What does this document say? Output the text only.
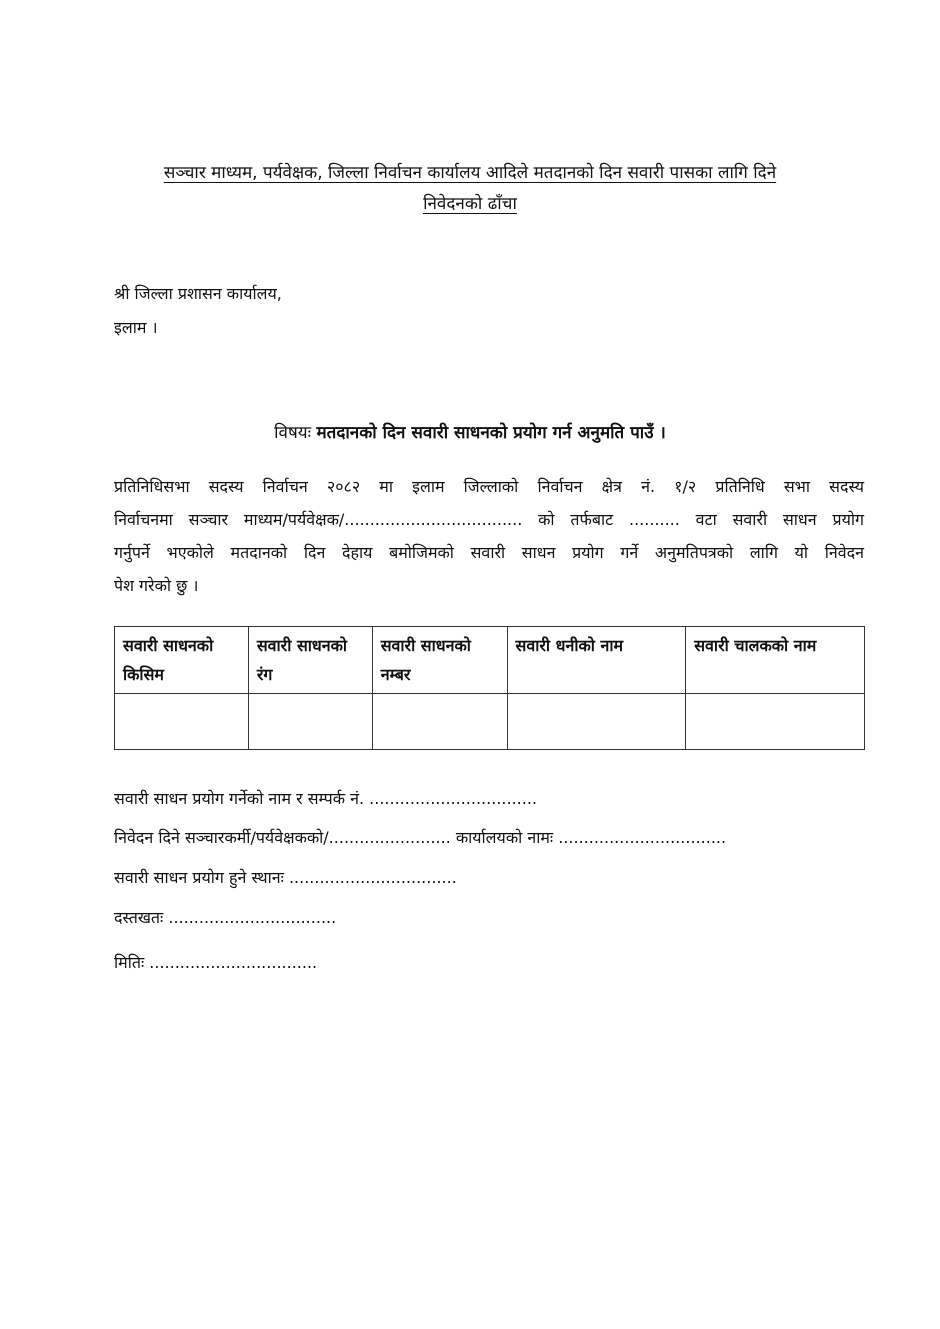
सञ्चार माध्यम, पर्यवेक्षक, जिल्ला निर्वाचन कार्यालय आदिले मतदानको दिन सवारी पासका लागि दिने
निवेदनको ढाँचा
श्री जिल्ला प्रशासन कार्यालय,
इलाम ।
विषयः मतदानको दिन सवारी साधनको प्रयोग गर्न अनुमति पाउँ ।
प्रतिनिधिसभा सदस्य निर्वाचन २०८२ मा इलाम जिल्लाको निर्वाचन क्षेत्र नं. १/२ प्रतिनिधि सभा सदस्य
निर्वाचनमा सञ्चार माध्यम/पर्यवेक्षक/................................... को तर्फबाट .......... वटा सवारी साधन प्रयोग
गर्नुपर्ने भएकोले मतदानको दिन देहाय बमोजिमको सवारी साधन प्रयोग गर्ने अनुमतिपत्रको लागि यो निवेदन
पेश गरेको छु ।
सवारी साधनको किसिम	सवारी साधनको रंग	सवारी साधनको नम्बर	सवारी धनीको नाम	सवारी चालकको नाम

सवारी साधन प्रयोग गर्नेको नाम र सम्पर्क नं. .................................
निवेदन दिने सञ्चारकर्मी/पर्यवेक्षकको/........................ कार्यालयको नामः .................................
सवारी साधन प्रयोग हुने स्थानः .................................
दस्तखतः .................................
मितिः .................................
